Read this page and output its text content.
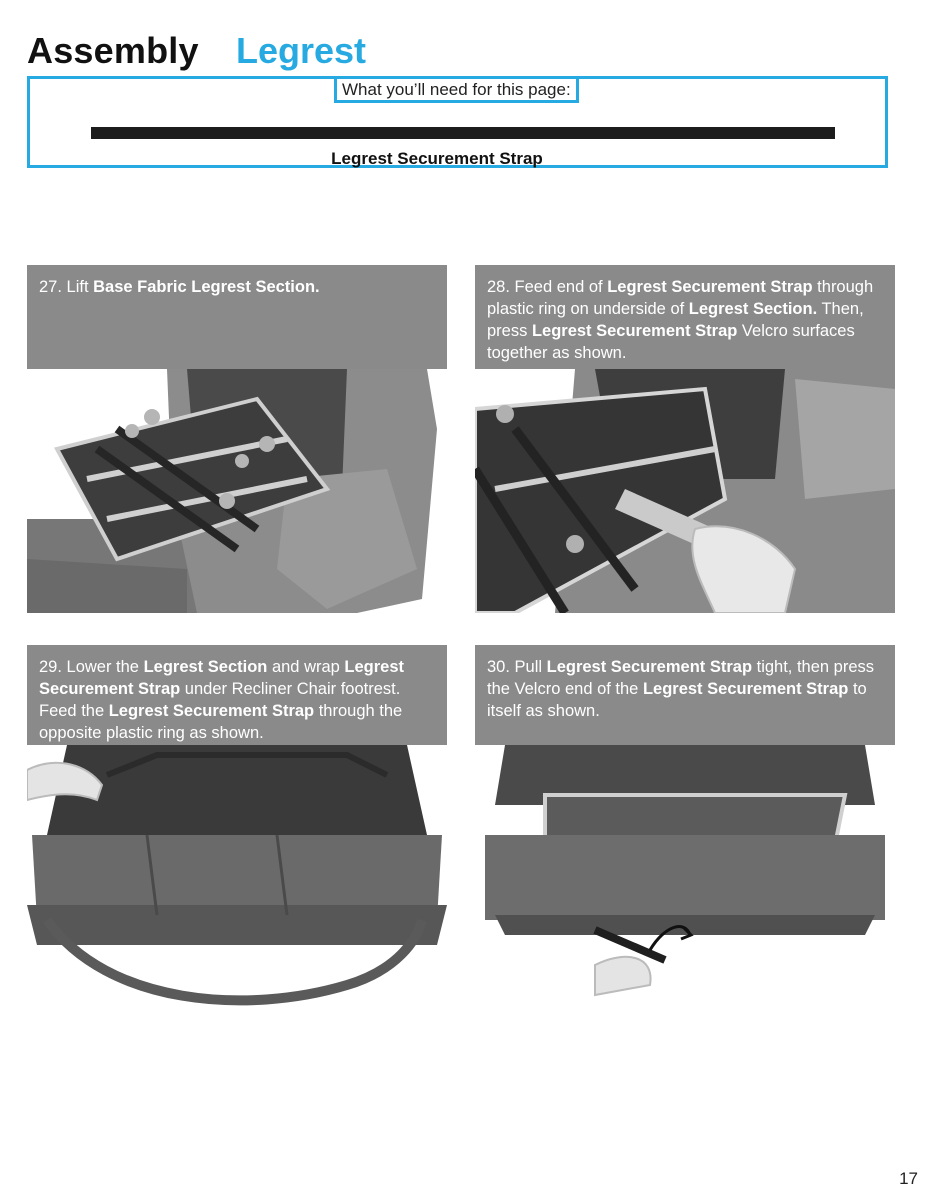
Assembly Legrest
What you’ll need for this page:
Legrest Securement Strap
27. Lift Base Fabric Legrest Section.	28. Feed end of Legrest Securement Strap through plastic ring on underside of Legrest Section. Then, press Legrest Securement Strap Velcro surfaces together as shown.
29. Lower the Legrest Section and wrap Legrest Securement Strap under Recliner Chair footrest. Feed the Legrest Securement Strap through the opposite plastic ring as shown.
30. Pull Legrest Securement Strap tight, then press the Velcro end of the Legrest Securement Strap to itself as shown.
17
